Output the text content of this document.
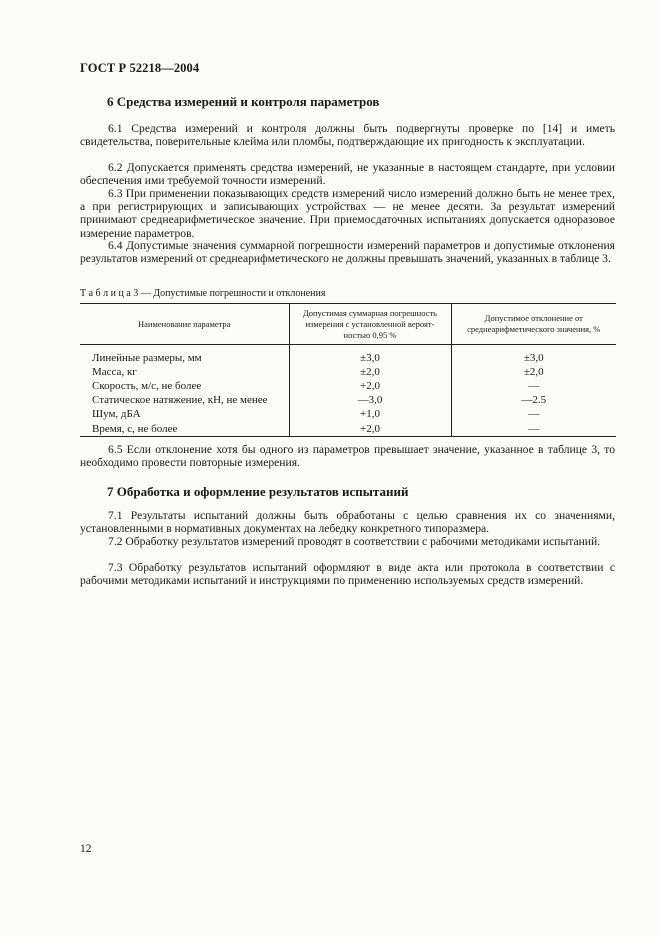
ГОСТ Р 52218—2004
6 Средства измерений и контроля параметров

6.1 Средства измерений и контроля должны быть подвергнуты проверке по [14] и иметь свидетельства, поверительные клейма или пломбы, подтверждающие их пригодность к эксплуатации.

6.2 Допускается применять средства измерений, не указанные в настоящем стандарте, при условии обеспечения ими требуемой точности измерений.

6.3 При применении показывающих средств измерений число измерений должно быть не менее трех, а при регистрирующих и записывающих устройствах — не менее десяти. За результат измерений принимают среднеарифметическое значение. При приемосдаточных испытаниях допускается одноразовое измерение параметров.

6.4 Допустимые значения суммарной погрешности измерений параметров и допустимые отклонения результатов измерений от среднеарифметического не должны превышать значений, указанных в таблице 3.

Т а б л и ц а 3 — Допустимые погрешности и отклонения
Наименование параметра	Допустимая суммарная погрешность измерения с установленной вероят-ностью 0,95 %	Допустимое отклонение от среднеарифметического значения, %

Линейные размеры, мм	±3,0	±3,0
Масса, кг	±2,0	±2,0
Скорость, м/с, не более	+2,0	—
Статическое натяжение, кН, не менее	—3,0	—2.5
Шум, дБА	+1,0	—
Время, с, не более	+2,0	—

6.5 Если отклонение хотя бы одного из параметров превышает значение, указанное в таблице 3, то необходимо провести повторные измерения.

7 Обработка и оформление результатов испытаний

7.1 Результаты испытаний должны быть обработаны с целью сравнения их со значениями, установленными в нормативных документах на лебедку конкретного типоразмера.

7.2 Обработку результатов измерений проводят в соответствии с рабочими методиками испытаний.

7.3 Обработку результатов испытаний оформляют в виде акта или протокола в соответствии с рабочими методиками испытаний и инструкциями по применению используемых средств измерений.

12
